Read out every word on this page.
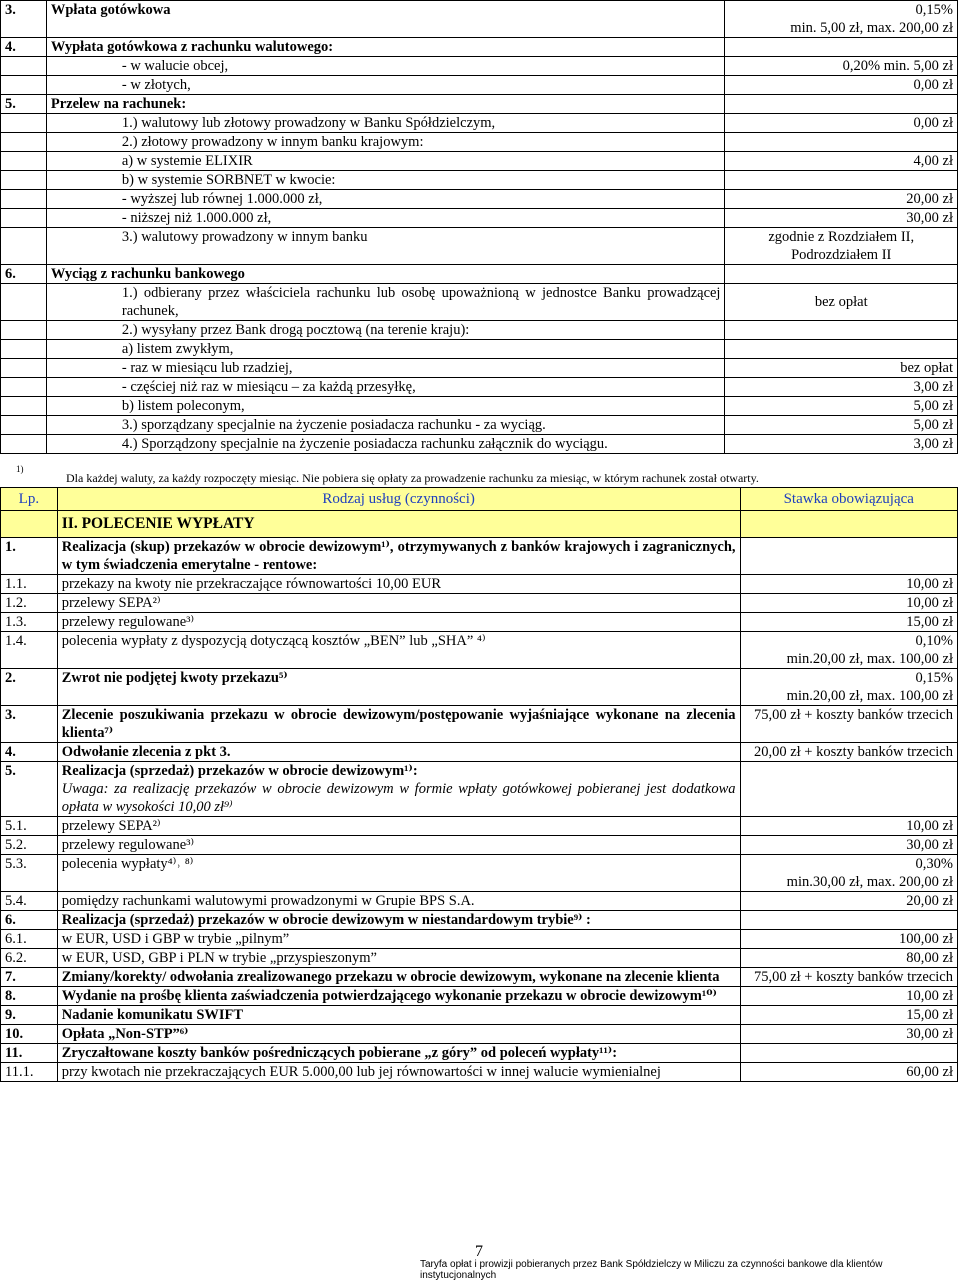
3.	Wpłata gotówkowa	0,15%
min. 5,00 zł, max. 200,00 zł
4.	Wypłata gotówkowa z rachunku walutowego:	

	- w walucie obcej,	0,20% min. 5,00 zł

	- w złotych,	0,00 zł
5.	Przelew na rachunek:	

	1.) walutowy lub złotowy prowadzony w Banku Spółdzielczym,	0,00 zł

	2.) złotowy prowadzony w innym banku krajowym:	

	a) w systemie ELIXIR	4,00 zł

	b) w systemie SORBNET w kwocie:	

	- wyższej lub równej 1.000.000 zł,	20,00 zł

	- niższej niż 1.000.000 zł,	30,00 zł

	3.) walutowy prowadzony w innym banku	zgodnie z Rozdziałem II,
Podrozdziałem II
6.	Wyciąg z rachunku bankowego	

	1.) odbierany przez właściciela rachunku lub osobę upoważnioną w jednostce Banku prowadzącej rachunek,	bez opłat

	2.) wysyłany przez Bank drogą pocztową (na terenie kraju):	

	a) listem zwykłym,	

	- raz w miesiącu lub rzadziej,	bez opłat

	- częściej niż raz w miesiącu – za każdą przesyłkę,	3,00 zł

	b) listem poleconym,	5,00 zł

	3.) sporządzany specjalnie na życzenie posiadacza rachunku - za wyciąg.	5,00 zł

	4.) Sporządzony specjalnie na życzenie posiadacza rachunku załącznik do wyciągu.	3,00 zł
1)
Dla każdej waluty, za każdy rozpoczęty miesiąc. Nie pobiera się opłaty za prowadzenie rachunku za miesiąc, w którym rachunek został otwarty.
Lp.	Rodzaj usług (czynności)	Stawka obowiązująca
	II. POLECENIE WYPŁATY	
1.	Realizacja (skup) przekazów w obrocie dewizowym¹⁾, otrzymywanych z banków krajowych i zagranicznych, w tym świadczenia emerytalne - rentowe:	

1.1.	przekazy na kwoty nie przekraczające równowartości 10,00 EUR	10,00 zł
1.2.	przelewy SEPA²⁾	10,00 zł
1.3.	przelewy regulowane³⁾	15,00 zł
1.4.	polecenia wypłaty z dyspozycją dotyczącą kosztów „BEN” lub „SHA” ⁴⁾	0,10%
min.20,00 zł, max. 100,00 zł
2.	Zwrot nie podjętej kwoty przekazu⁵⁾	0,15%
min.20,00 zł, max. 100,00 zł
3.	Zlecenie poszukiwania przekazu w obrocie dewizowym/postępowanie wyjaśniające wykonane na zlecenia klienta⁷⁾	75,00 zł + koszty banków trzecich
4.	Odwołanie zlecenia z pkt 3.	20,00 zł + koszty banków trzecich
5.	Realizacja (sprzedaż) przekazów w obrocie dewizowym¹⁾:
Uwaga: za realizację przekazów w obrocie dewizowym w formie wpłaty gotówkowej pobieranej jest dodatkowa opłata w wysokości 10,00 zł⁹⁾	

5.1.	przelewy SEPA²⁾	10,00 zł
5.2.	przelewy regulowane³⁾	30,00 zł
5.3.	polecenia wypłaty⁴⁾˒ ⁸⁾	0,30%
min.30,00 zł, max. 200,00 zł
5.4.	pomiędzy rachunkami walutowymi prowadzonymi w Grupie BPS S.A.	20,00 zł
6.	Realizacja (sprzedaż) przekazów w obrocie dewizowym w niestandardowym trybie⁹⁾ :	

6.1.	w EUR, USD i GBP w trybie „pilnym”	100,00 zł
6.2.	w EUR, USD, GBP i PLN w trybie „przyspieszonym”	80,00 zł
7.	Zmiany/korekty/ odwołania zrealizowanego przekazu w obrocie dewizowym, wykonane na zlecenie klienta	75,00 zł + koszty banków trzecich
8.	Wydanie na prośbę klienta zaświadczenia potwierdzającego wykonanie przekazu w obrocie dewizowym¹⁰⁾	10,00 zł
9.	Nadanie komunikatu SWIFT	15,00 zł
10.	Opłata „Non-STP”⁶⁾	30,00 zł
11.	Zryczałtowane koszty banków pośredniczących pobierane „z góry” od poleceń wypłaty¹¹⁾:	

11.1.	przy kwotach nie przekraczających EUR 5.000,00 lub jej równowartości w innej walucie wymienialnej	60,00 zł
7
Taryfa opłat i prowizji pobieranych przez Bank Spółdzielczy w Miliczu za czynności bankowe dla klientów instytucjonalnych
